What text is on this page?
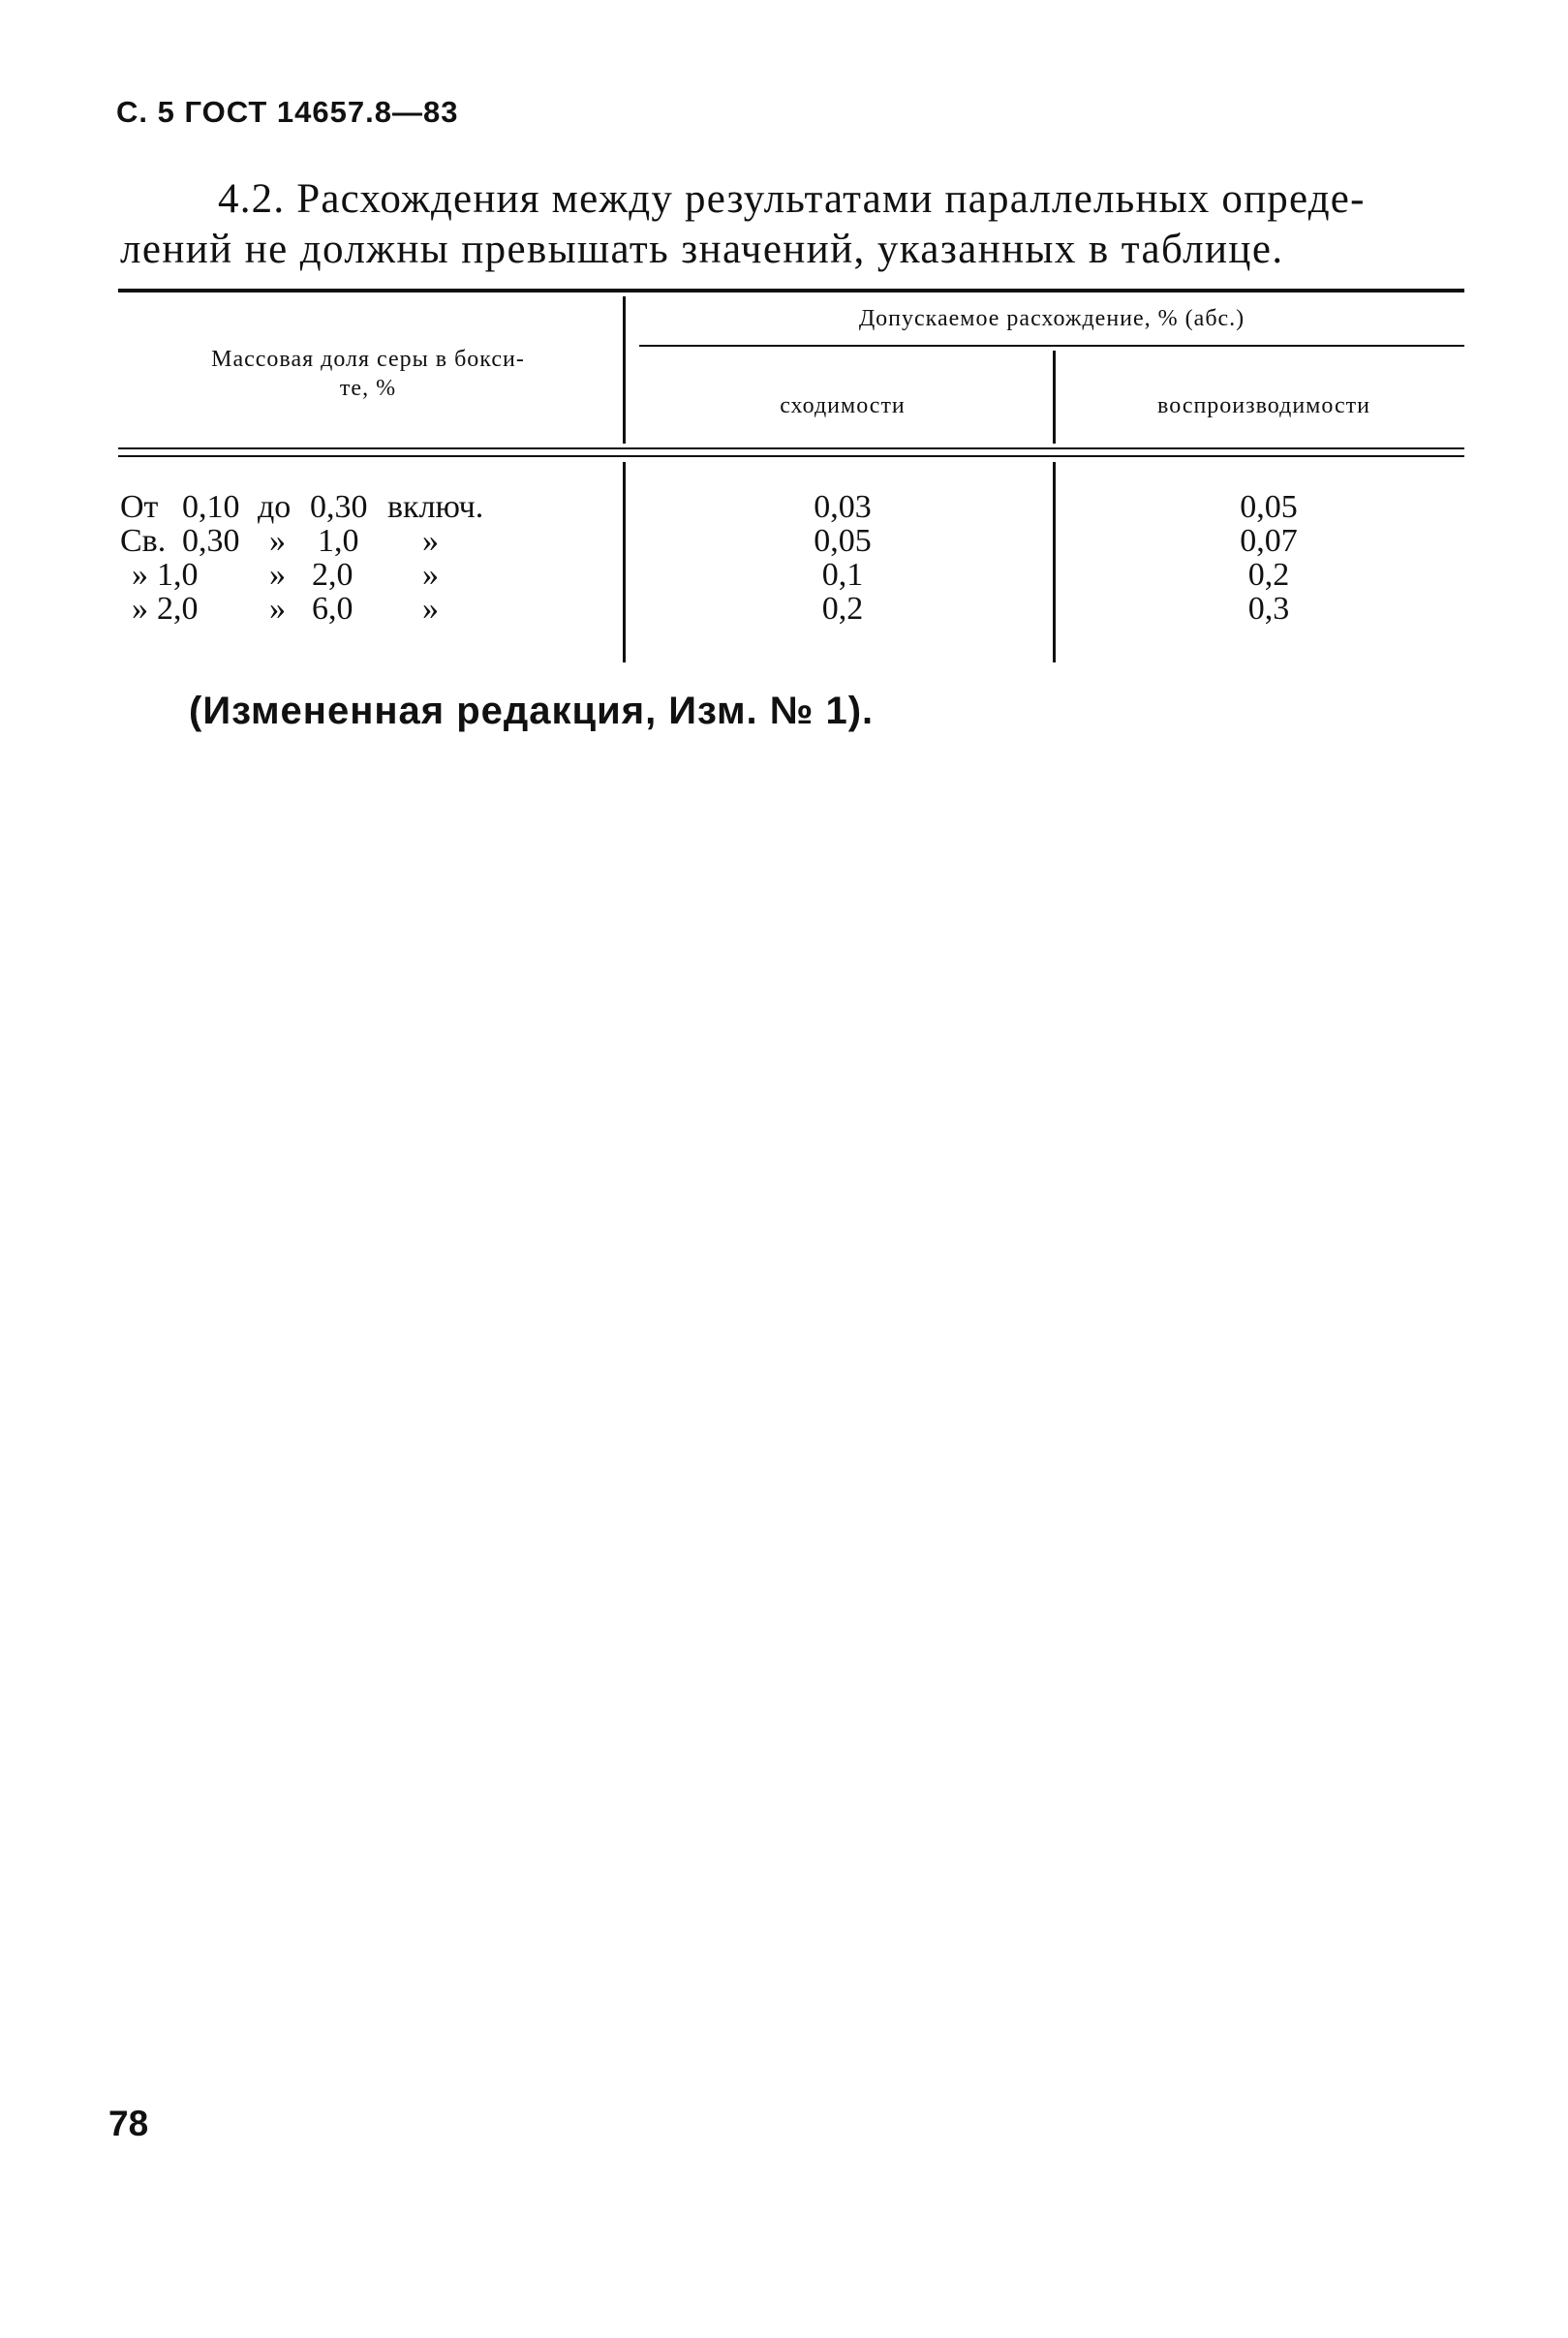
С. 5 ГОСТ 14657.8—83

4.2. Расхождения между результатами параллельных опреде-
лений не должны превышать значений, указанных в таблице.

Массовая доля серы в бокси-
те, %
Допускаемое расхождение, % (абс.)
сходимости	воспроизводимости
От 0,10 до 0,30 включ.	0,03	0,05
Св. 0,30 » 1,0 »	0,05	0,07
» 1,0 » 2,0 »	0,1	0,2
» 2,0 » 6,0 »	0,2	0,3
(Измененная редакция, Изм. № 1).
78
